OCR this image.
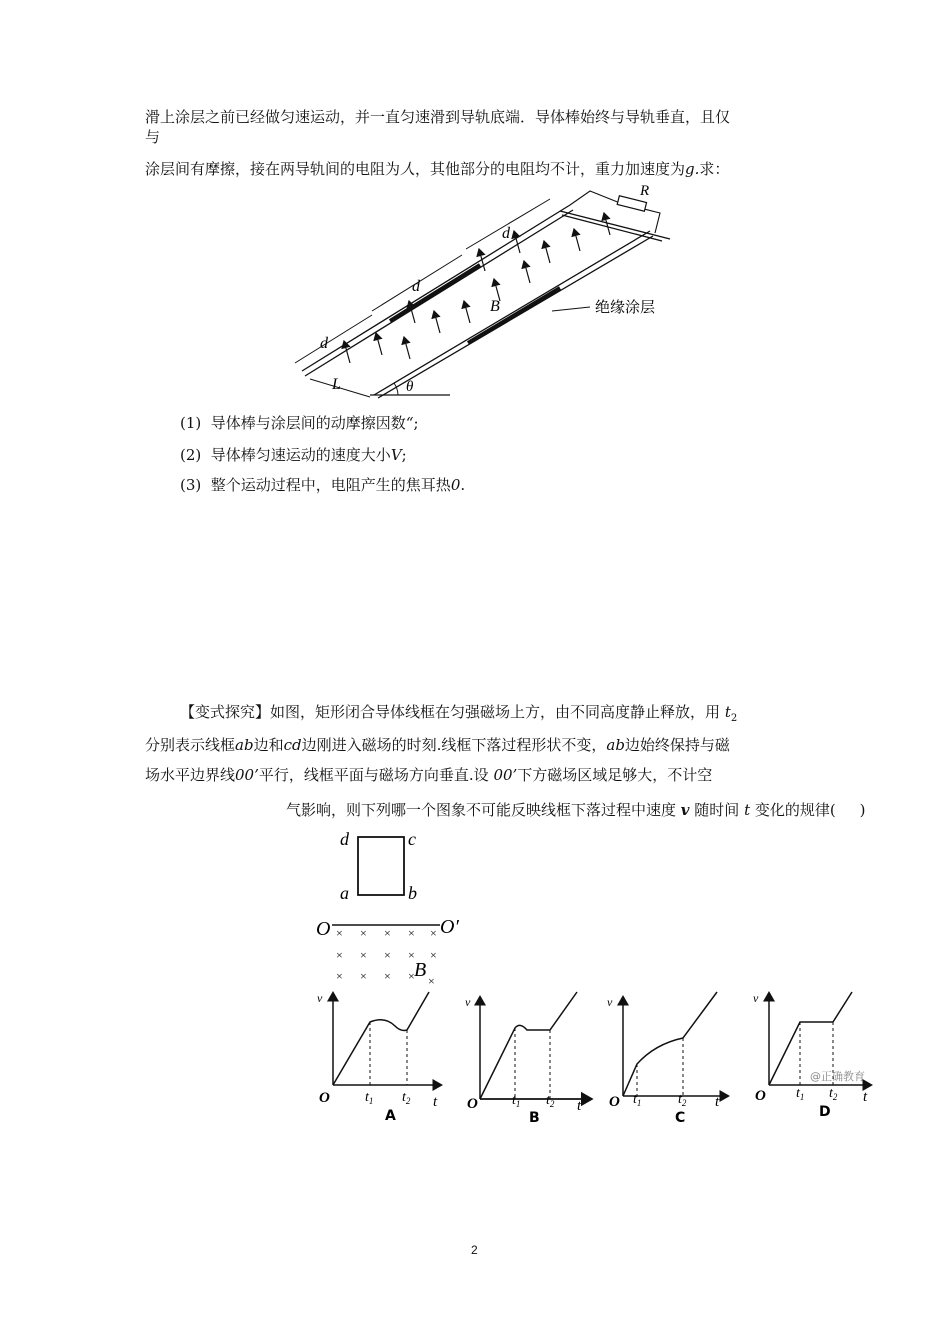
滑上涂层之前已经做匀速运动，并一直匀速滑到导轨底端．导体棒始终与导轨垂直，且仅
与
涂层间有摩擦，接在两导轨间的电阻为人，其他部分的电阻均不计，重力加速度为g.求：
R
d
d
d
B
L	θ
绝缘涂层
(1) 导体棒与涂层间的动摩擦因数“;
(2) 导体棒匀速运动的速度大小V;
(3) 整个运动过程中，电阻产生的焦耳热0.
【变式探究】如图，矩形闭合导体线框在匀强磁场上方，由不同高度静止释放，用 $t_2$
分别表示线框ab边和cd边刚进入磁场的时刻.线框下落过程形状不变，ab边始终保持与磁
场水平边界线00’平行，线框平面与磁场方向垂直.设 00’下方磁场区域足够大，不计空
气影响，则下列哪一个图象不可能反映线框下落过程中速度 v 随时间 t 变化的规律( )
d	c
a	b
O	O′
× × × × ×
× × × × ×
× × × × ×
B
v
t
O	$t_1$ $t_2$
A
v
t
O $t_1$ $t_2$
B
v
t
O $t_1$	$t_2$
C
v
t
O $t_1$ $t_2$
D
@正确教育
2
